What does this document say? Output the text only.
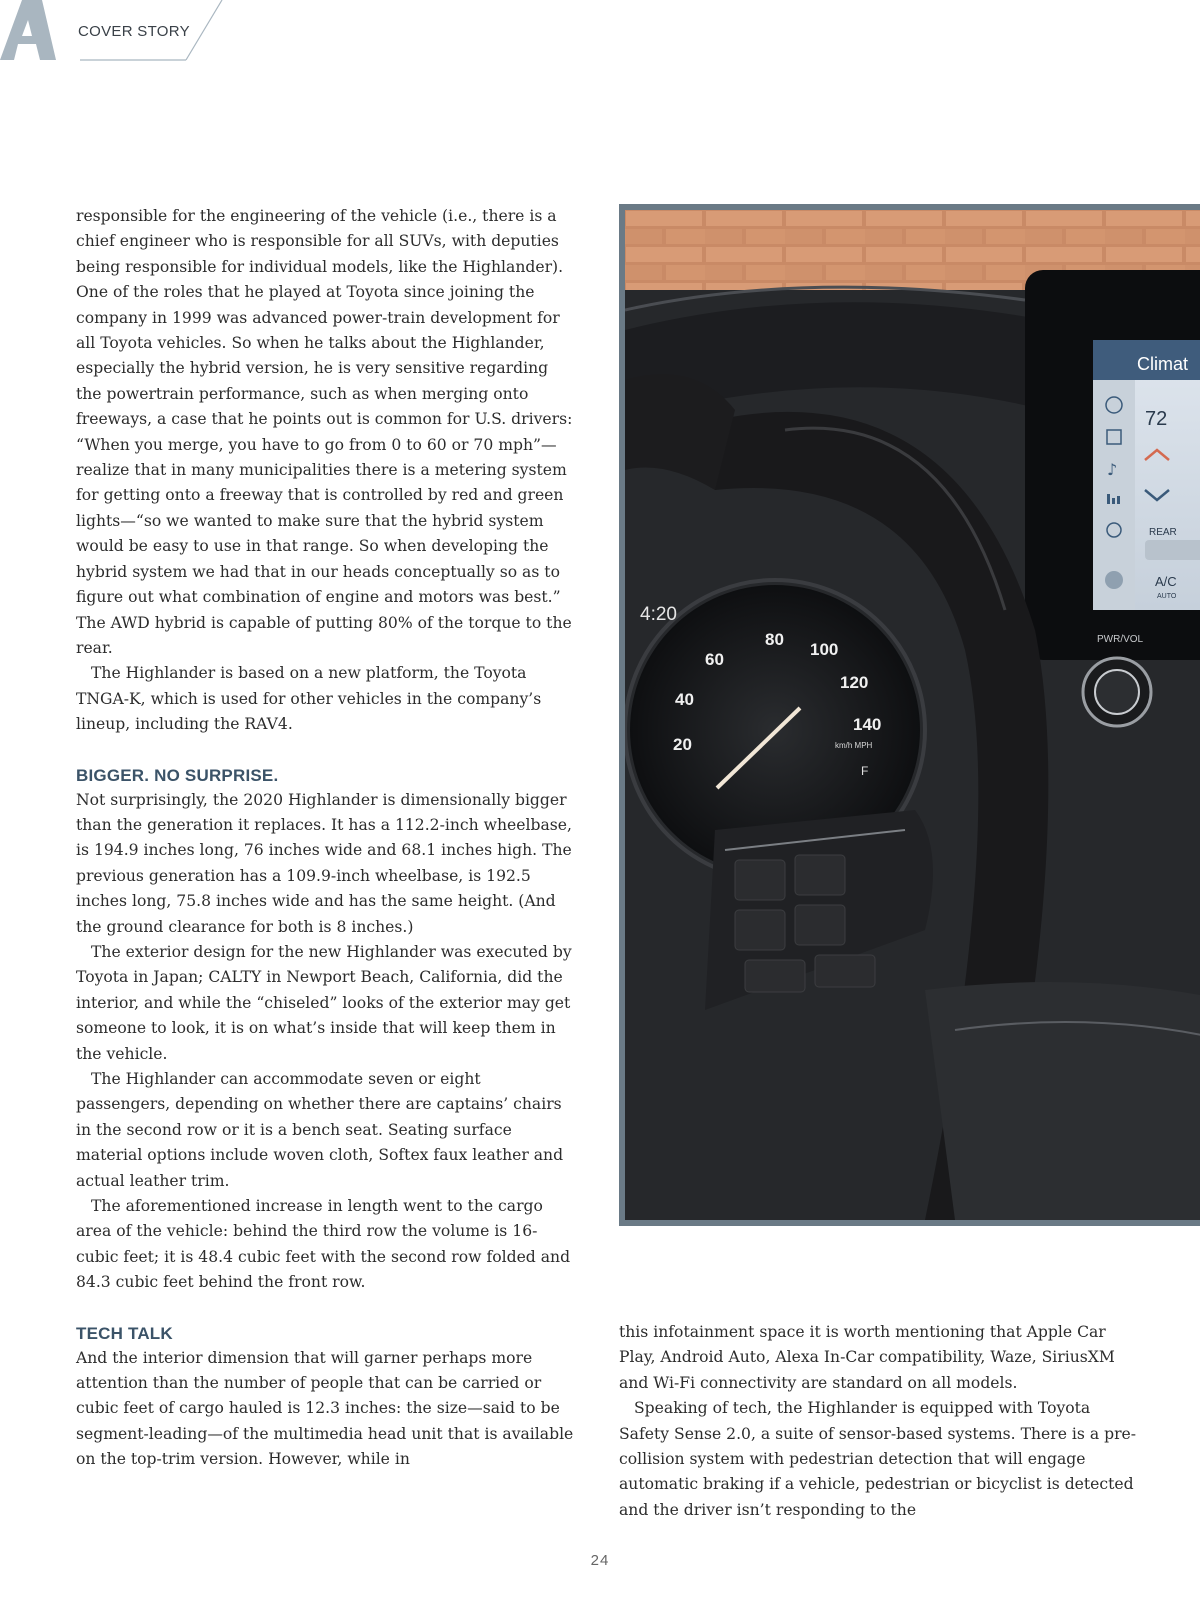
COVER STORY

responsible for the engineering of the vehicle (i.e., there is a chief engineer who is responsible for all SUVs, with deputies being responsible for individual models, like the Highlander). One of the roles that he played at Toyota since joining the company in 1999 was advanced power-train development for all Toyota vehicles. So when he talks about the Highlander, especially the hybrid version, he is very sensitive regarding the powertrain performance, such as when merging onto freeways, a case that he points out is common for U.S. drivers: “When you merge, you have to go from 0 to 60 or 70 mph”—realize that in many municipalities there is a metering system for getting onto a freeway that is controlled by red and green lights—“so we wanted to make sure that the hybrid system would be easy to use in that range. So when developing the hybrid system we had that in our heads conceptually so as to figure out what combination of engine and motors was best.” The AWD hybrid is capable of putting 80% of the torque to the rear.

The Highlander is based on a new platform, the Toyota TNGA-K, which is used for other vehicles in the company’s lineup, including the RAV4.

BIGGER. NO SURPRISE.

Not surprisingly, the 2020 Highlander is dimensionally bigger than the generation it replaces. It has a 112.2-inch wheelbase, is 194.9 inches long, 76 inches wide and 68.1 inches high. The previous generation has a 109.9-inch wheelbase, is 192.5 inches long, 75.8 inches wide and has the same height. (And the ground clearance for both is 8 inches.)

The exterior design for the new Highlander was executed by Toyota in Japan; CALTY in Newport Beach, California, did the interior, and while the “chiseled” looks of the exterior may get someone to look, it is on what’s inside that will keep them in the vehicle.

The Highlander can accommodate seven or eight passengers, depending on whether there are captains’ chairs in the second row or it is a bench seat. Seating surface material options include woven cloth, Softex faux leather and actual leather trim.

The aforementioned increase in length went to the cargo area of the vehicle: behind the third row the volume is 16-cubic feet; it is 48.4 cubic feet with the second row folded and 84.3 cubic feet behind the front row.

TECH TALK

And the interior dimension that will garner perhaps more attention than the number of people that can be carried or cubic feet of cargo hauled is 12.3 inches: the size—said to be segment-leading—of the multimedia head unit that is available on the top-trim version. However, while in

Climat
72
REAR
A/C
AUTO
♪
PWR/VOL
4:20
80
60
40
20
100
120
140
km/h MPH
F

this infotainment space it is worth mentioning that Apple Car Play, Android Auto, Alexa In-Car compatibility, Waze, SiriusXM and Wi-Fi connectivity are standard on all models.

Speaking of tech, the Highlander is equipped with Toyota Safety Sense 2.0, a suite of sensor-based systems. There is a pre-collision system with pedestrian detection that will engage automatic braking if a vehicle, pedestrian or bicyclist is detected and the driver isn’t responding to the

24
